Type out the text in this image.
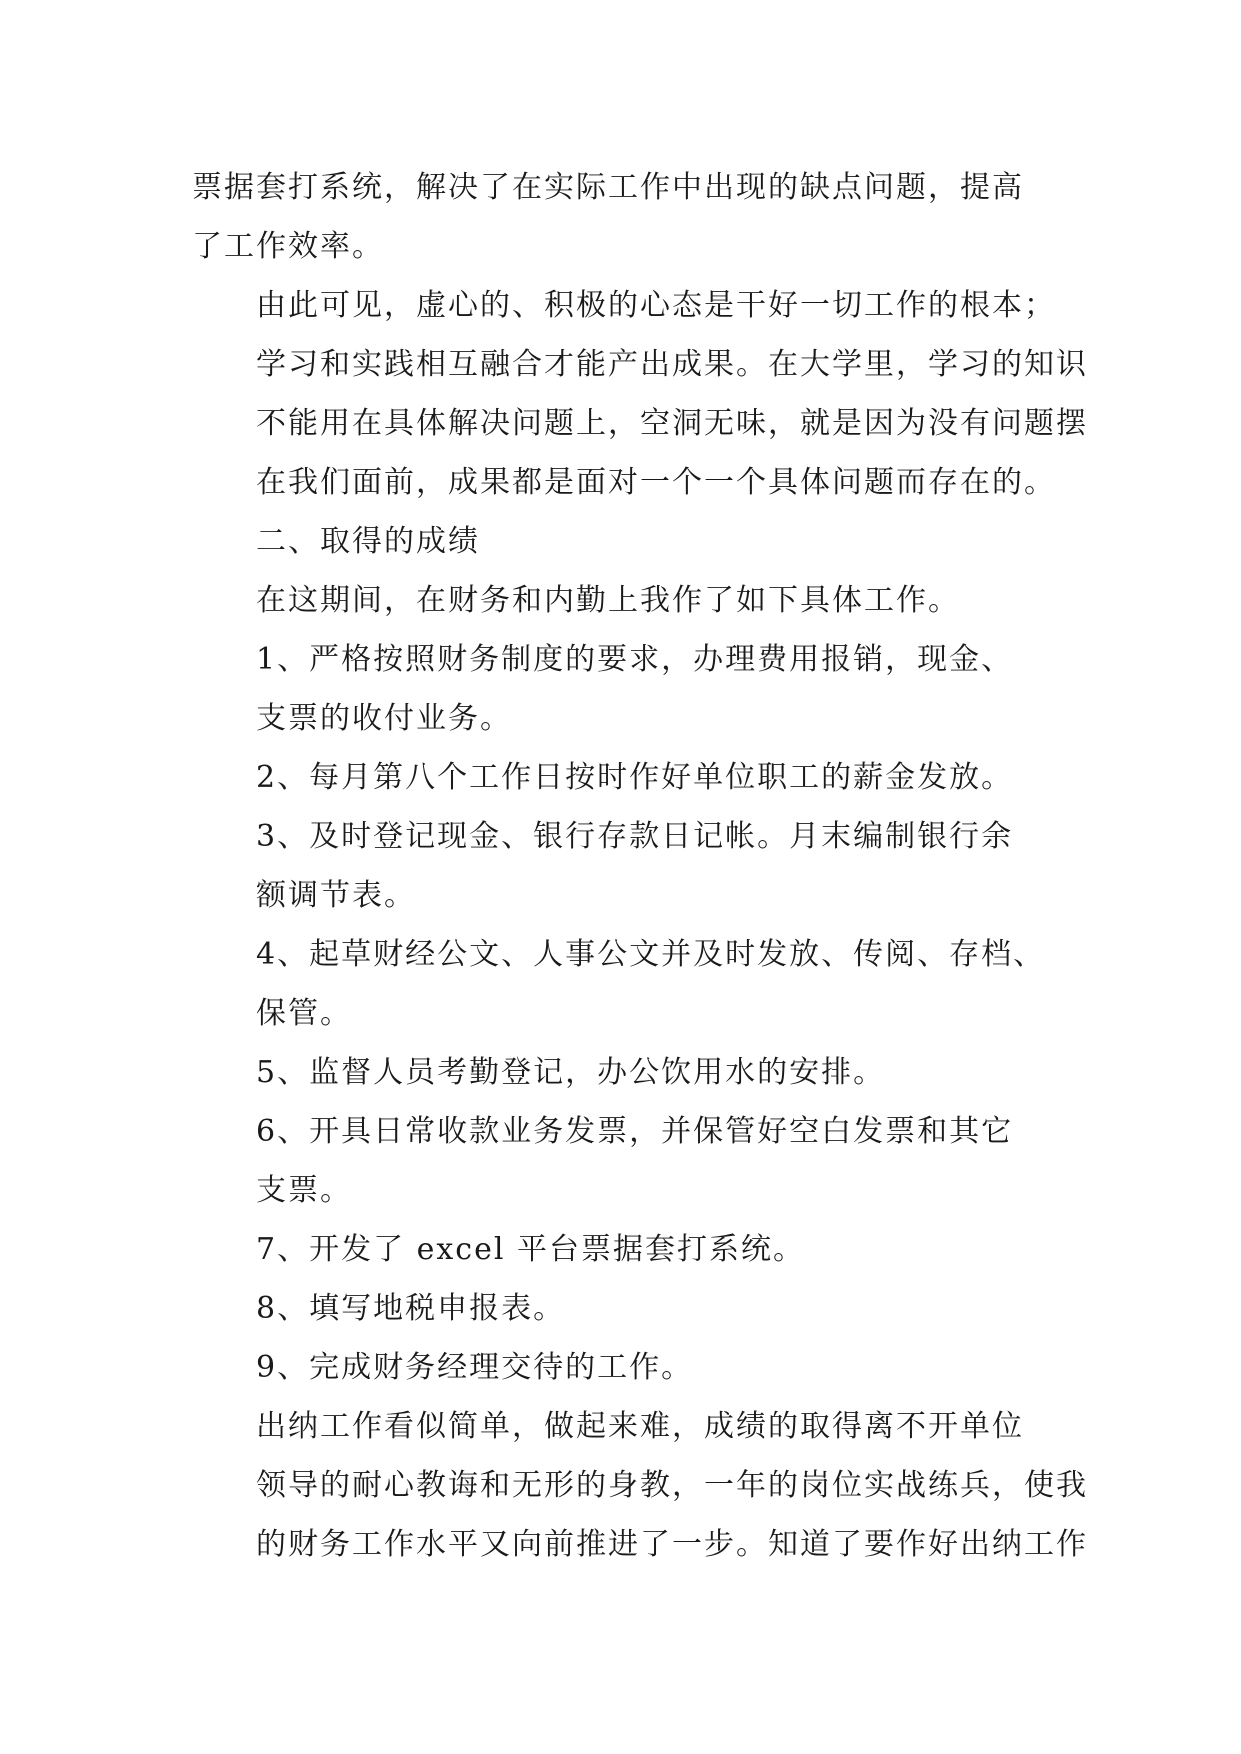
票据套打系统，解决了在实际工作中出现的缺点问题，提高
了工作效率。

由此可见，虚心的、积极的心态是干好一切工作的根本；
学习和实践相互融合才能产出成果。在大学里，学习的知识
不能用在具体解决问题上，空洞无味，就是因为没有问题摆
在我们面前，成果都是面对一个一个具体问题而存在的。

二、取得的成绩

在这期间，在财务和内勤上我作了如下具体工作。

1、严格按照财务制度的要求，办理费用报销，现金、
支票的收付业务。

2、每月第八个工作日按时作好单位职工的薪金发放。

3、及时登记现金、银行存款日记帐。月末编制银行余
额调节表。

4、起草财经公文、人事公文并及时发放、传阅、存档、
保管。

5、监督人员考勤登记，办公饮用水的安排。

6、开具日常收款业务发票，并保管好空白发票和其它
支票。

7、开发了 excel 平台票据套打系统。

8、填写地税申报表。

9、完成财务经理交待的工作。

出纳工作看似简单，做起来难，成绩的取得离不开单位
领导的耐心教诲和无形的身教，一年的岗位实战练兵，使我
的财务工作水平又向前推进了一步。知道了要作好出纳工作
